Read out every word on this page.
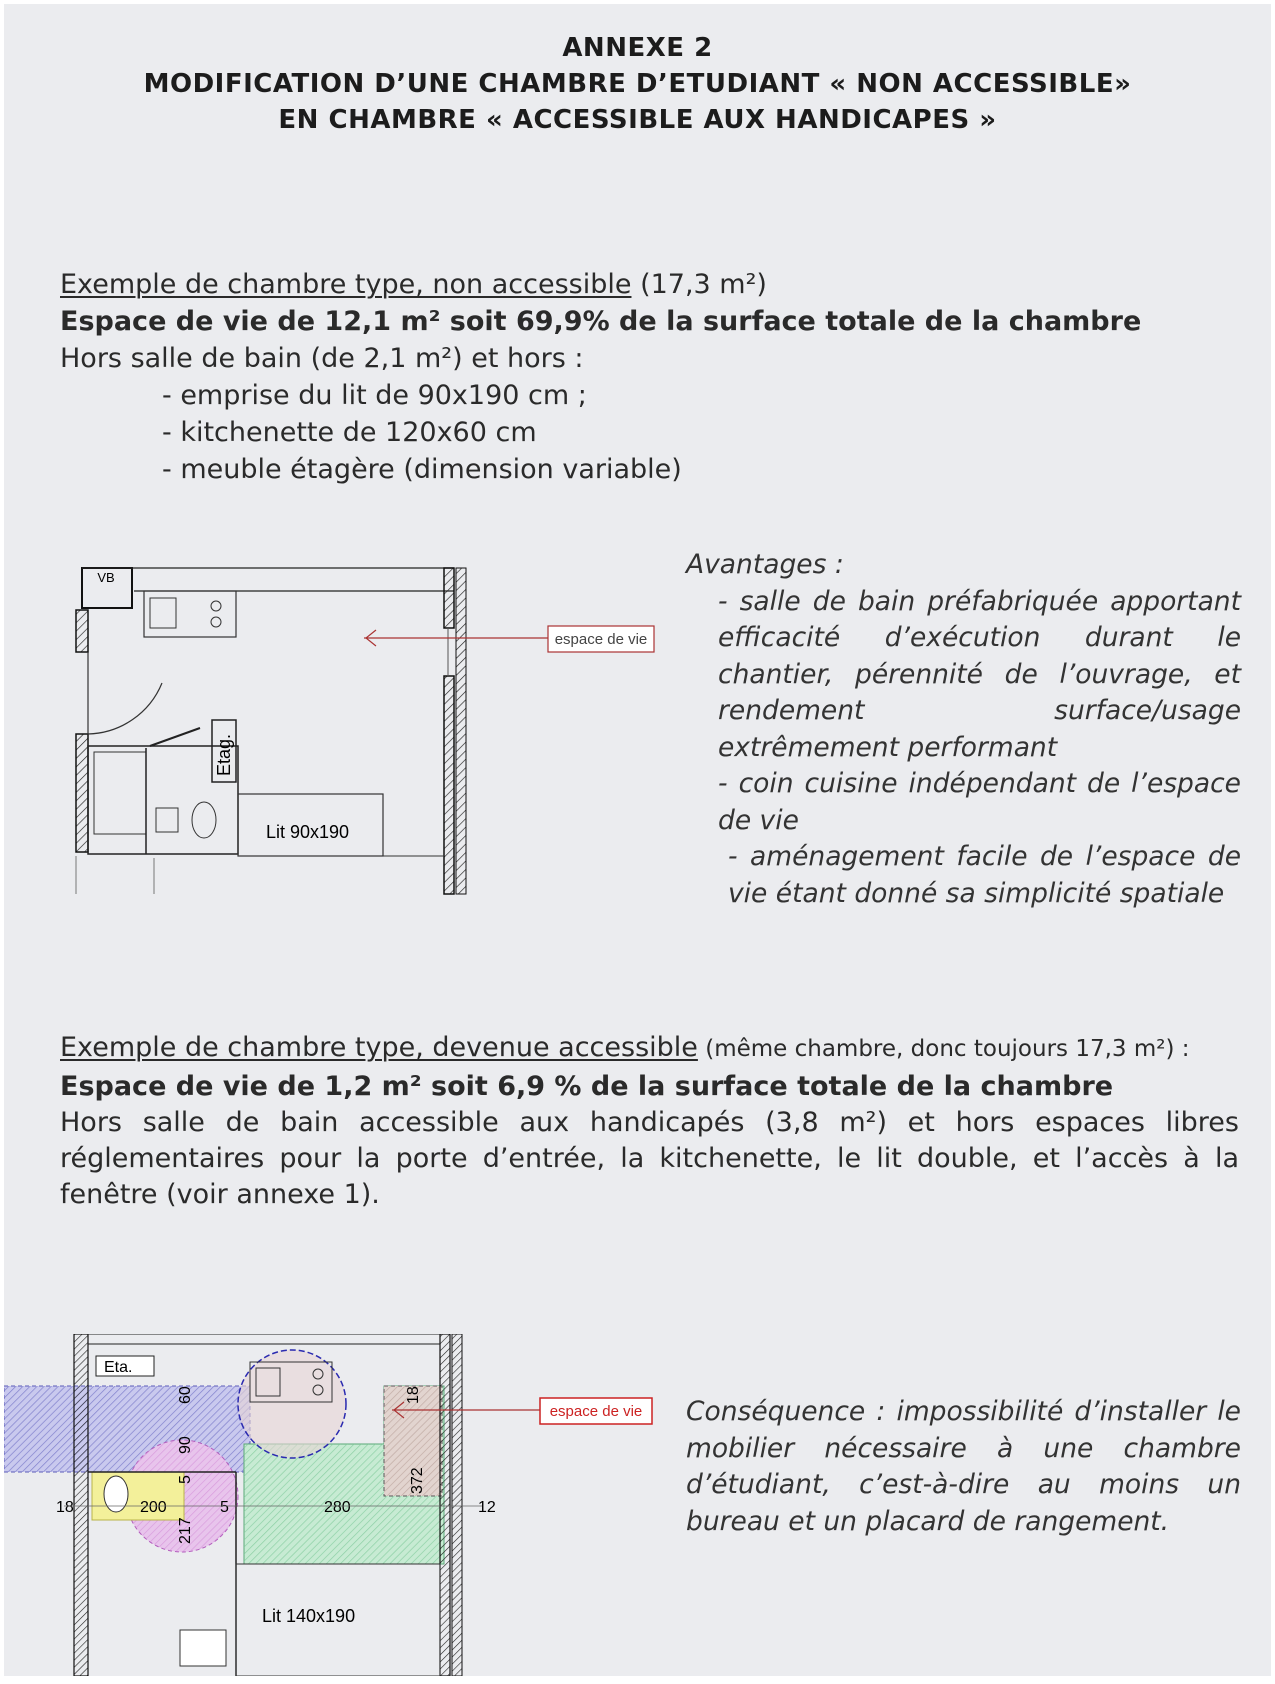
ANNEXE 2
MODIFICATION D’UNE CHAMBRE D’ETUDIANT « NON ACCESSIBLE»
EN CHAMBRE « ACCESSIBLE AUX HANDICAPES »
Exemple de chambre type, non accessible (17,3 m²)
Espace de vie de 12,1 m² soit 69,9% de la surface totale de la chambre
Hors salle de bain (de 2,1 m²) et hors :
- emprise du lit de 90x190 cm ;
- kitchenette de 120x60 cm
- meuble étagère (dimension variable)
VB
Etag.
Lit 90x190
espace de vie
Avantages :
- salle de bain préfabriquée apportant efficacité d’exécution durant le chantier, pérennité de l’ouvrage, et rendement surface/usage extrêmement performant
- coin cuisine indépendant de l’espace de vie
- aménagement facile de l’espace de vie étant donné sa simplicité spatiale
Exemple de chambre type, devenue accessible (même chambre, donc toujours 17,3 m²) :
Espace de vie de 1,2 m² soit 6,9 % de la surface totale de la chambre
Hors salle de bain accessible aux handicapés (3,8 m²) et hors espaces libres réglementaires pour la porte d’entrée, la kitchenette, le lit double, et l’accès à la fenêtre (voir annexe 1).
Eta.
Lit 140x190
60
90
5
217
18	200	5	280
372
18
12
espace de vie Conséquence : impossibilité d’installer le mobilier nécessaire à une chambre d’étudiant, c’est-à-dire au moins un bureau et un placard de rangement.
